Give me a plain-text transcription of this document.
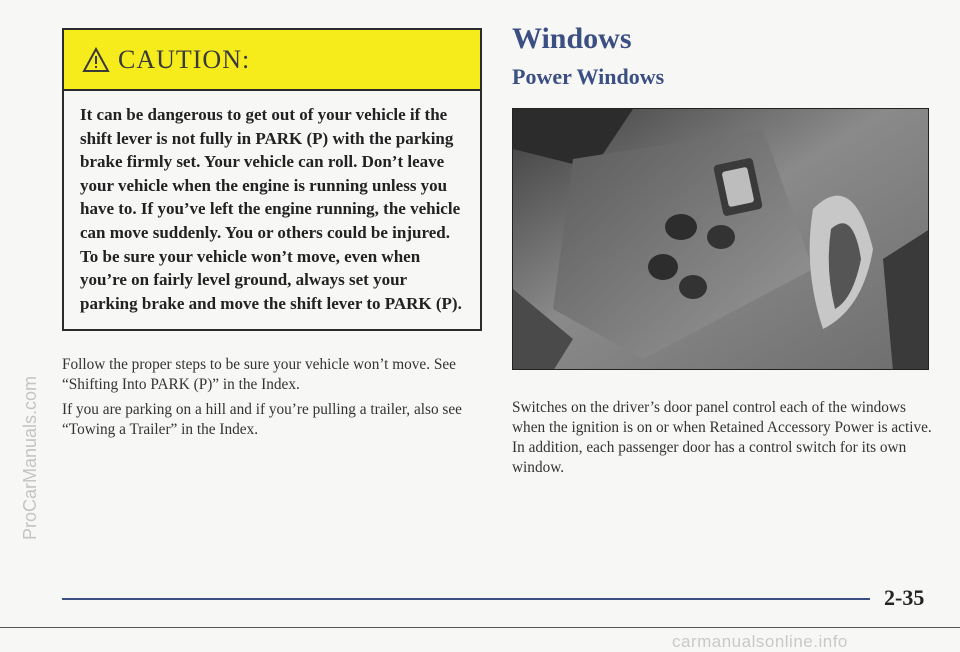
ProCarManuals.com
CAUTION:
It can be dangerous to get out of your vehicle if the shift lever is not fully in PARK (P) with the parking brake firmly set. Your vehicle can roll. Don’t leave your vehicle when the engine is running unless you have to. If you’ve left the engine running, the vehicle can move suddenly. You or others could be injured. To be sure your vehicle won’t move, even when you’re on fairly level ground, always set your parking brake and move the shift lever to PARK (P).
Follow the proper steps to be sure your vehicle won’t move. See “Shifting Into PARK (P)” in the Index.
If you are parking on a hill and if you’re pulling a trailer, also see “Towing a Trailer” in the Index.
Windows
Power Windows
Switches on the driver’s door panel control each of the windows when the ignition is on or when Retained Accessory Power is active. In addition, each passenger door has a control switch for its own window.
2-35
carmanualsonline.info
